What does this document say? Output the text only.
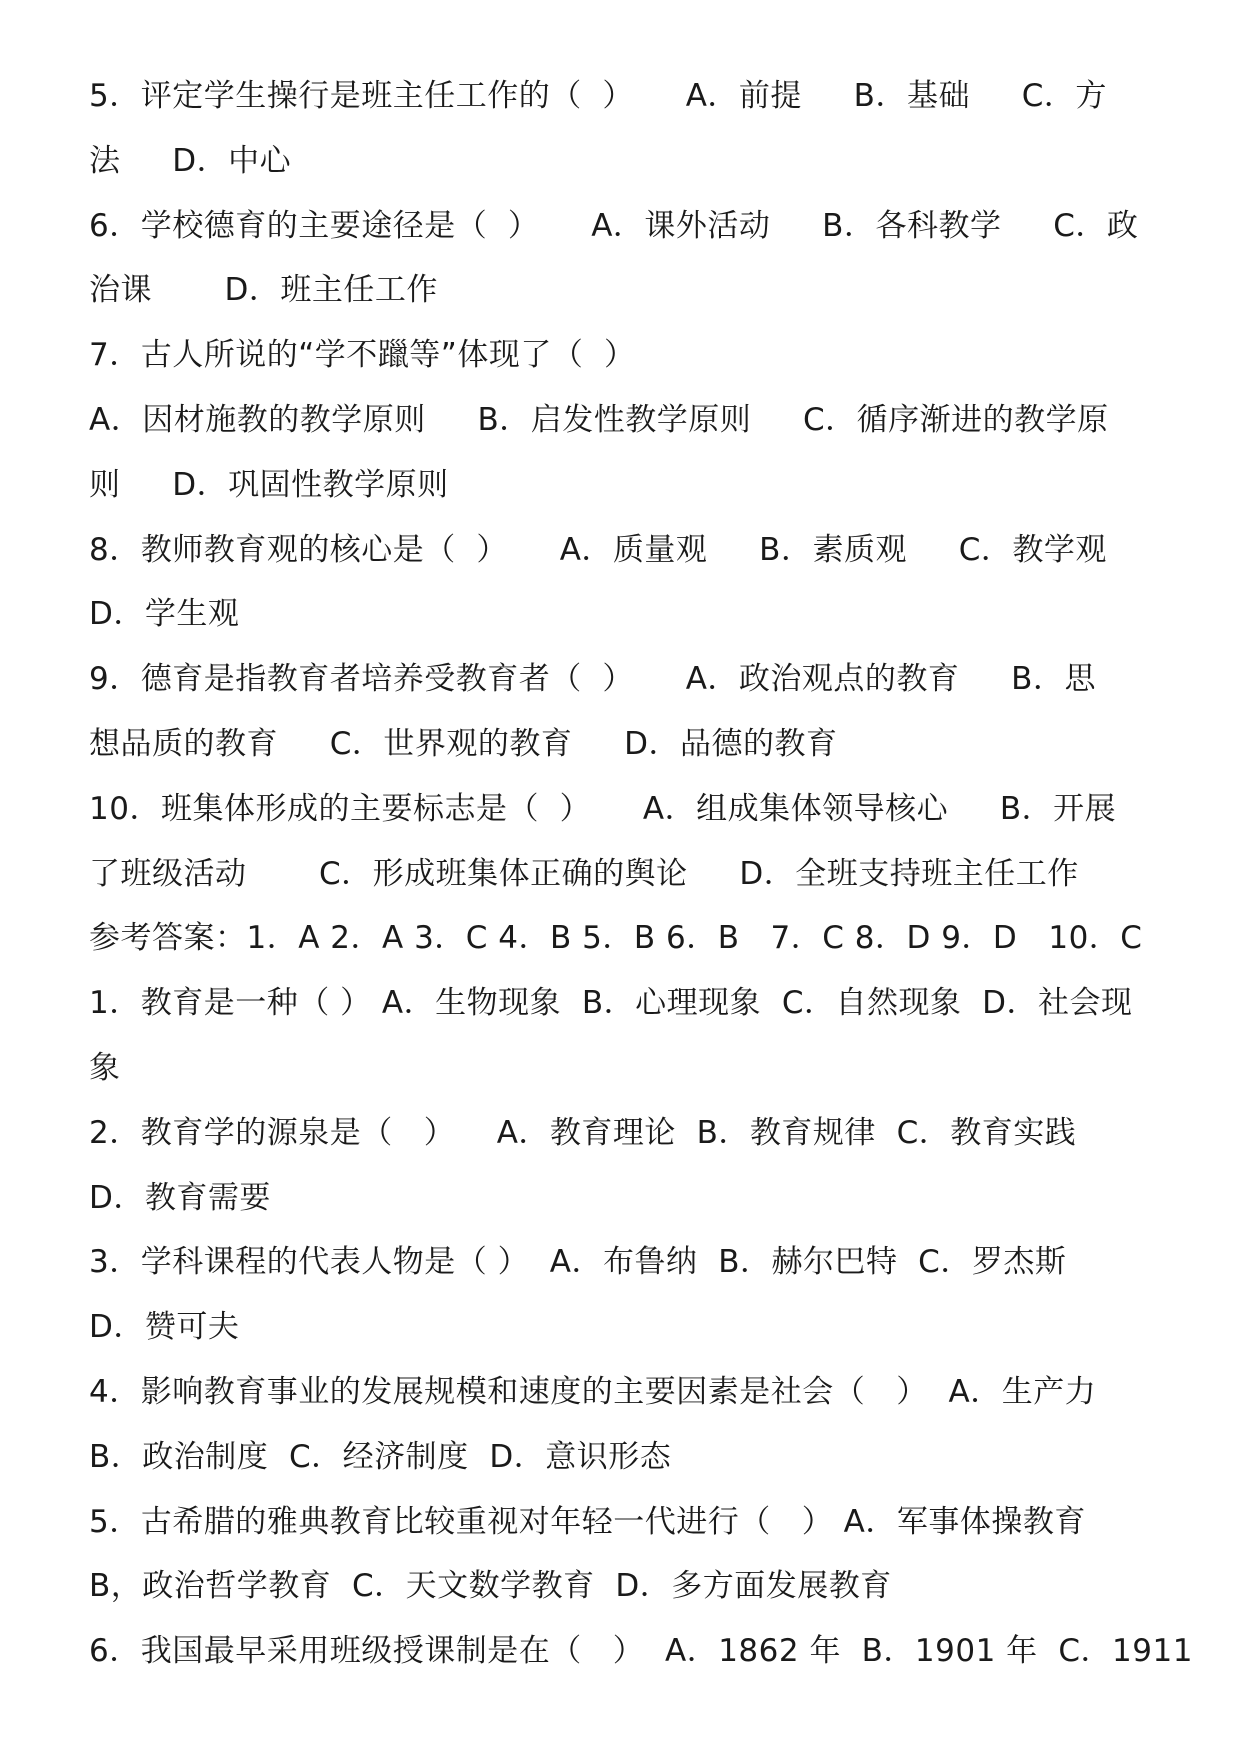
5．评定学生操行是班主任工作的（  ）     A．前提     B．基础     C．方
法     D．中心
6．学校德育的主要途径是（  ）     A．课外活动     B．各科教学     C．政
治课       D．班主任工作
7．古人所说的“学不躐等”体现了（  ）
A．因材施教的教学原则     B．启发性教学原则     C．循序渐进的教学原
则     D．巩固性教学原则
8．教师教育观的核心是（  ）     A．质量观     B．素质观     C．教学观
D．学生观
9．德育是指教育者培养受教育者（  ）     A．政治观点的教育     B．思
想品质的教育     C．世界观的教育     D．品德的教育
10．班集体形成的主要标志是（  ）     A．组成集体领导核心     B．开展
了班级活动       C．形成班集体正确的舆论     D．全班支持班主任工作
参考答案：1．A 2．A 3．C 4．B 5．B 6．B   7．C 8．D 9．D   10．C
1．教育是一种（ ） A．生物现象  B．心理现象  C．自然现象  D．社会现
象
2．教育学的源泉是（   ）    A．教育理论  B．教育规律  C．教育实践
D．教育需要
3．学科课程的代表人物是（ ）  A．布鲁纳  B．赫尔巴特  C．罗杰斯
D．赞可夫
4．影响教育事业的发展规模和速度的主要因素是社会（   ）  A．生产力
B．政治制度  C．经济制度  D．意识形态
5．古希腊的雅典教育比较重视对年轻一代进行（   ） A．军事体操教育
B，政治哲学教育  C．天文数学教育  D．多方面发展教育
6．我国最早采用班级授课制是在（   ）  A．1862 年  B．1901 年  C．1911
